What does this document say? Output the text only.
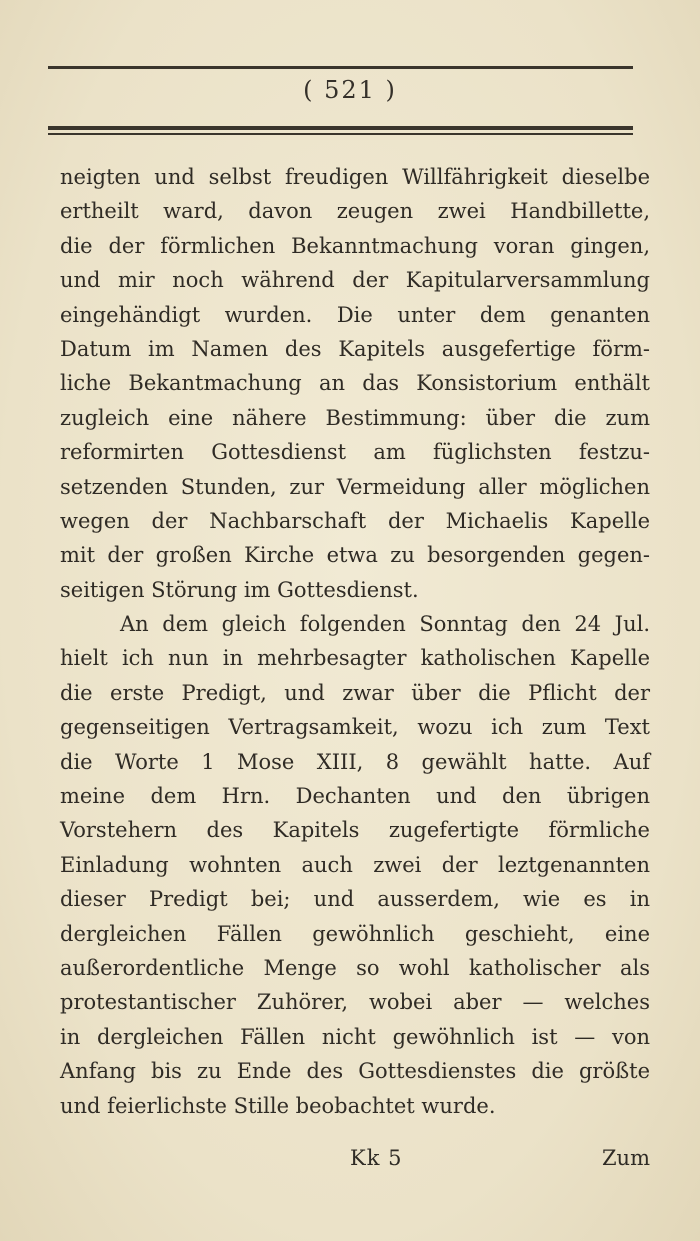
( 521 )
neigten und selbst freudigen Willfährigkeit dieselbe
ertheilt ward, davon zeugen zwei Handbillette,
die der förmlichen Bekanntmachung voran gingen,
und mir noch während der Kapitularversammlung
eingehändigt wurden. Die unter dem genanten
Datum im Namen des Kapitels ausgefertige förm-
liche Bekantmachung an das Konsistorium enthält
zugleich eine nähere Bestimmung: über die zum
reformirten Gottesdienst am füglichsten festzu-
setzenden Stunden, zur Vermeidung aller möglichen
wegen der Nachbarschaft der Michaelis Kapelle
mit der großen Kirche etwa zu besorgenden gegen-
seitigen Störung im Gottesdienst.
An dem gleich folgenden Sonntag den 24 Jul.
hielt ich nun in mehrbesagter katholischen Kapelle
die erste Predigt, und zwar über die Pflicht der
gegenseitigen Vertragsamkeit, wozu ich zum Text
die Worte 1 Mose XIII, 8 gewählt hatte. Auf
meine dem Hrn. Dechanten und den übrigen
Vorstehern des Kapitels zugefertigte förmliche
Einladung wohnten auch zwei der leztgenannten
dieser Predigt bei; und ausserdem, wie es in
dergleichen Fällen gewöhnlich geschieht, eine
außerordentliche Menge so wohl katholischer als
protestantischer Zuhörer, wobei aber — welches
in dergleichen Fällen nicht gewöhnlich ist — von
Anfang bis zu Ende des Gottesdienstes die größte
und feierlichste Stille beobachtet wurde.
Kk 5	Zum
